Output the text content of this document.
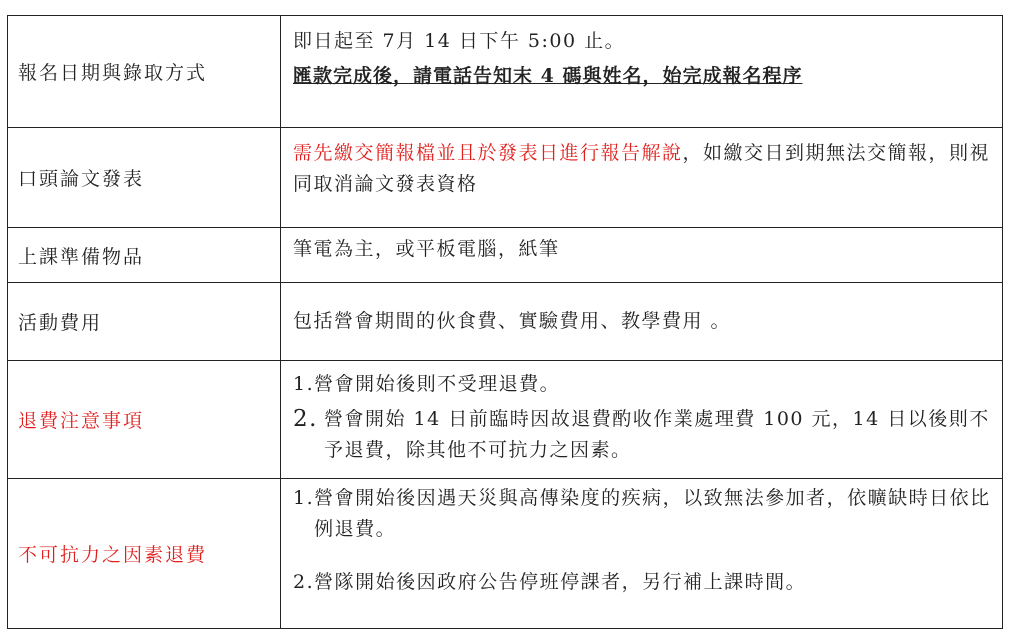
報名日期與錄取方式	即日起至 7月 14 日下午 5:00 止。
匯款完成後，請電話告知末 4 碼與姓名，始完成報名程序

口頭論文發表	需先繳交簡報檔並且於發表日進行報告解說，如繳交日到期無法交簡報，則視同取消論文發表資格
上課準備物品	筆電為主，或平板電腦，紙筆
活動費用	包括營會期間的伙食費、實驗費用、教學費用 。
退費注意事項	1. 營會開始後則不受理退費。
2. 營會開始 14 日前臨時因故退費酌收作業處理費 100 元，14 日以後則不予退費，除其他不可抗力之因素。

不可抗力之因素退費	1. 營會開始後因遇天災與高傳染度的疾病，以致無法參加者，依曠缺時日依比例退費。
2. 營隊開始後因政府公告停班停課者，另行補上課時間。
